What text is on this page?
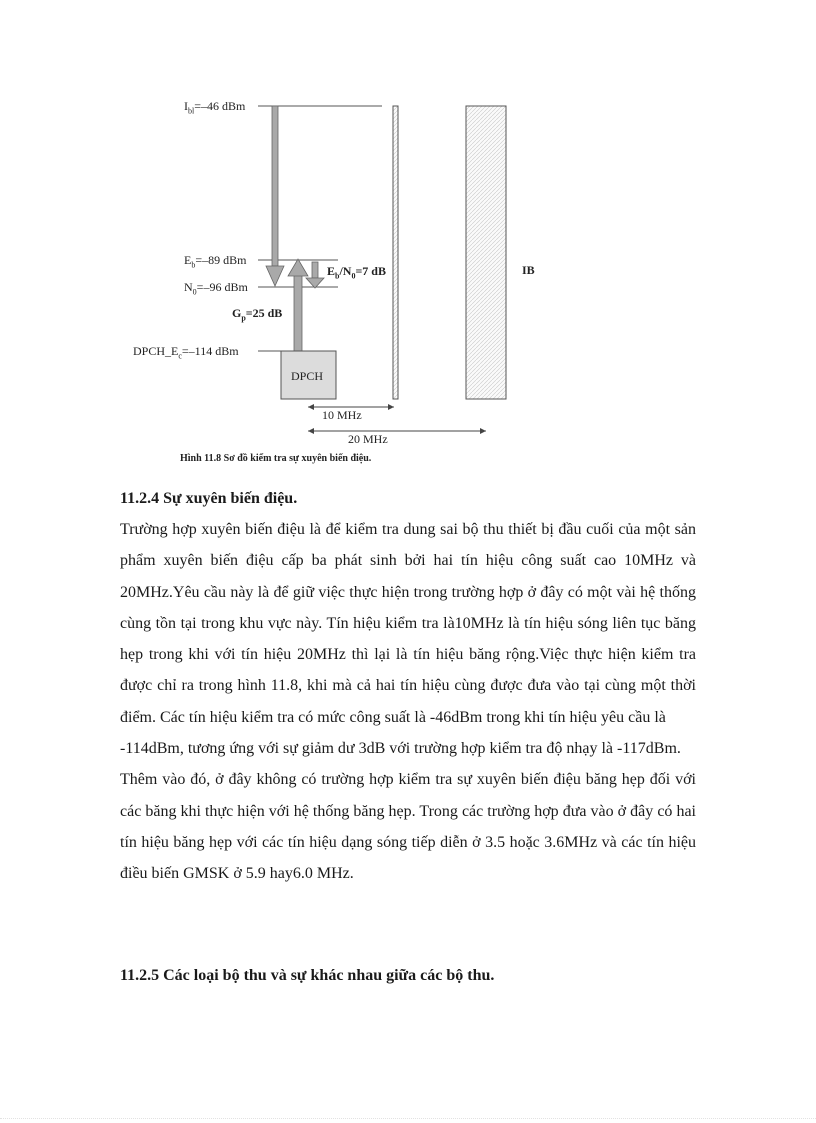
$I_{bl}=-46$ dBm
$E_b=-89$ dBm
$N_0=-96$ dBm
$E_b/N_0=7$ dB
$G_p=25$ dB
$DPCH\_E_c=-114$ dBm
IB
DPCH
10 MHz
20 MHz
Hình 11.8 Sơ đồ kiểm tra sự xuyên biến điệu.
11.2.4 Sự xuyên biến điệu.

Trường hợp xuyên biến điệu là để kiểm tra dung sai bộ thu thiết bị đầu cuối của một sản phẩm xuyên biến điệu cấp ba phát sinh bởi hai tín hiệu công suất cao 10MHz và 20MHz.Yêu cầu này là để giữ việc thực hiện trong trường hợp ở đây có một vài hệ thống cùng tồn tại trong khu vực này. Tín hiệu kiểm tra là10MHz là tín hiệu sóng liên tục băng hẹp trong khi với tín hiệu 20MHz thì lại là tín hiệu băng rộng.Việc thực hiện kiểm tra được chỉ ra trong hình 11.8, khi mà cả hai tín hiệu cùng được đưa vào tại cùng một thời điểm. Các tín hiệu kiểm tra có mức công suất là -46dBm trong khi tín hiệu yêu cầu là

-114dBm, tương ứng với sự giảm dư 3dB với trường hợp kiểm tra độ nhạy là -117dBm.

Thêm vào đó, ở đây không có trường hợp kiểm tra sự xuyên biến điệu băng hẹp đối với các băng khi thực hiện với hệ thống băng hẹp. Trong các trường hợp đưa vào ở đây có hai tín hiệu băng hẹp với các tín hiệu dạng sóng tiếp diễn ở 3.5 hoặc 3.6MHz và các tín hiệu điều biến GMSK ở 5.9 hay6.0 MHz.

11.2.5 Các loại bộ thu và sự khác nhau giữa các bộ thu.
